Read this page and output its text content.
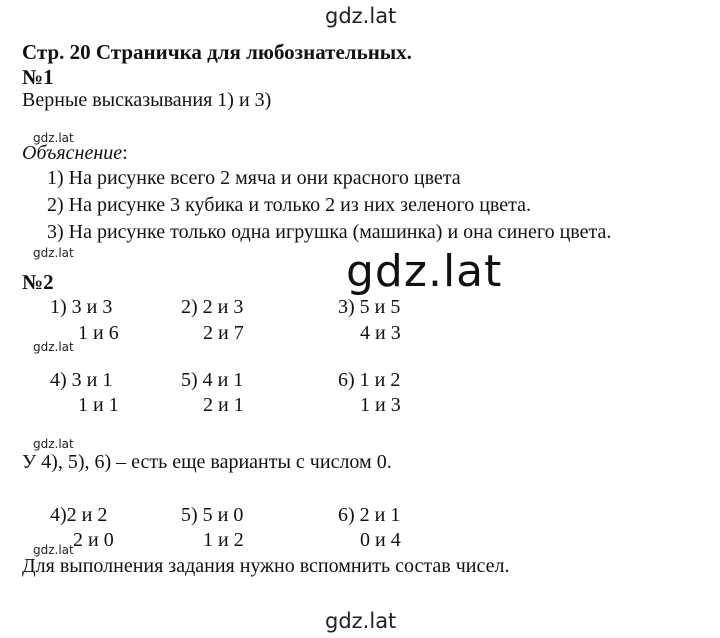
gdz.lat
gdz.lat
gdz.lat
gdz.lat
gdz.lat
gdz.lat
gdz.lat
gdz.lat
Стр. 20 Страничка для любознательных.
№1
Верные высказывания 1) и 3)
Объяснение:
1) На рисунке всего 2 мяча и они красного цвета
2) На рисунке 3 кубика и только 2 из них зеленого цвета.
3) На рисунке только одна игрушка (машинка) и она синего цвета.
№2
1) 3 и 3
1 и 6
2) 2 и 3
2 и 7
3) 5 и 5
4 и 3
4) 3 и 1
1 и 1
5) 4 и 1
2 и 1
6) 1 и 2
1 и 3
У 4), 5), 6) – есть еще варианты с числом 0.
4)2 и 2
2 и 0
5) 5 и 0
1 и 2
6) 2 и 1
0 и 4
Для выполнения задания нужно вспомнить состав чисел.
